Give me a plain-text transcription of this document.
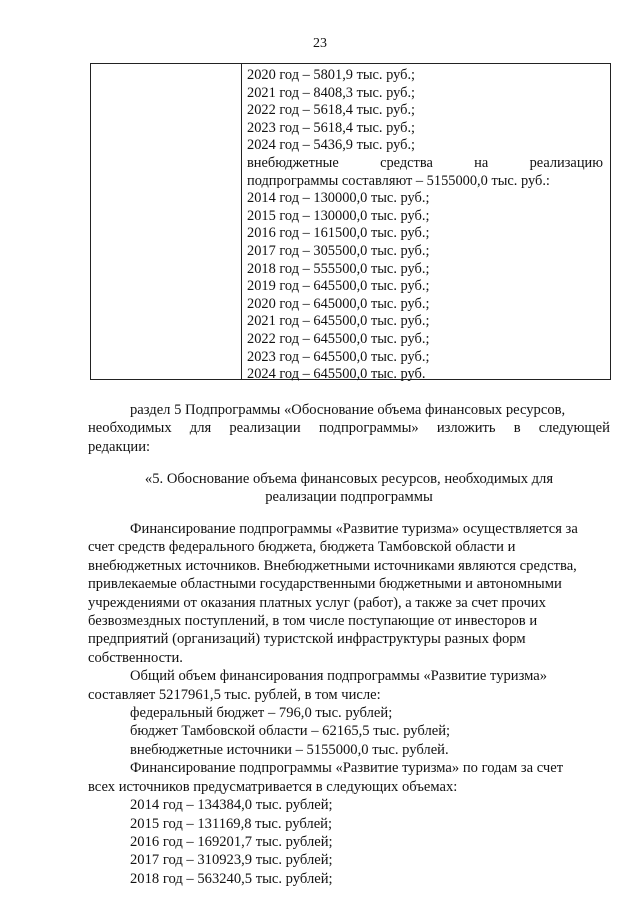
23
2020 год – 5801,9 тыс. руб.;
2021 год – 8408,3 тыс. руб.;
2022 год – 5618,4 тыс. руб.;
2023 год – 5618,4 тыс. руб.;
2024 год – 5436,9 тыс. руб.;
внебюджетные	средства	на	реализацию
подпрограммы составляют – 5155000,0 тыс. руб.:
2014 год – 130000,0 тыс. руб.;
2015 год – 130000,0 тыс. руб.;
2016 год – 161500,0 тыс. руб.;
2017 год – 305500,0 тыс. руб.;
2018 год – 555500,0 тыс. руб.;
2019 год – 645500,0 тыс. руб.;
2020 год – 645000,0 тыс. руб.;
2021 год – 645500,0 тыс. руб.;
2022 год – 645500,0 тыс. руб.;
2023 год – 645500,0 тыс. руб.;
2024 год – 645500,0 тыс. руб.
раздел 5 Подпрограммы «Обоснование объема финансовых ресурсов,
необходимых для реализации подпрограммы» изложить в следующей
редакции:
«5. Обоснование объема финансовых ресурсов, необходимых для
реализации подпрограммы
Финансирование подпрограммы «Развитие туризма» осуществляется за
счет средств федерального бюджета, бюджета Тамбовской области и
внебюджетных источников. Внебюджетными источниками являются средства,
привлекаемые областными государственными бюджетными и автономными
учреждениями от оказания платных услуг (работ), а также за счет прочих
безвозмездных поступлений, в том числе поступающие от инвесторов и
предприятий (организаций) туристской инфраструктуры разных форм
собственности.
Общий объем финансирования подпрограммы «Развитие туризма»
составляет 5217961,5 тыс. рублей, в том числе:
федеральный бюджет – 796,0 тыс. рублей;
бюджет Тамбовской области – 62165,5 тыс. рублей;
внебюджетные источники – 5155000,0 тыс. рублей.
Финансирование подпрограммы «Развитие туризма» по годам за счет
всех источников предусматривается в следующих объемах:
2014 год – 134384,0 тыс. рублей;
2015 год – 131169,8 тыс. рублей;
2016 год – 169201,7 тыс. рублей;
2017 год – 310923,9 тыс. рублей;
2018 год – 563240,5 тыс. рублей;
